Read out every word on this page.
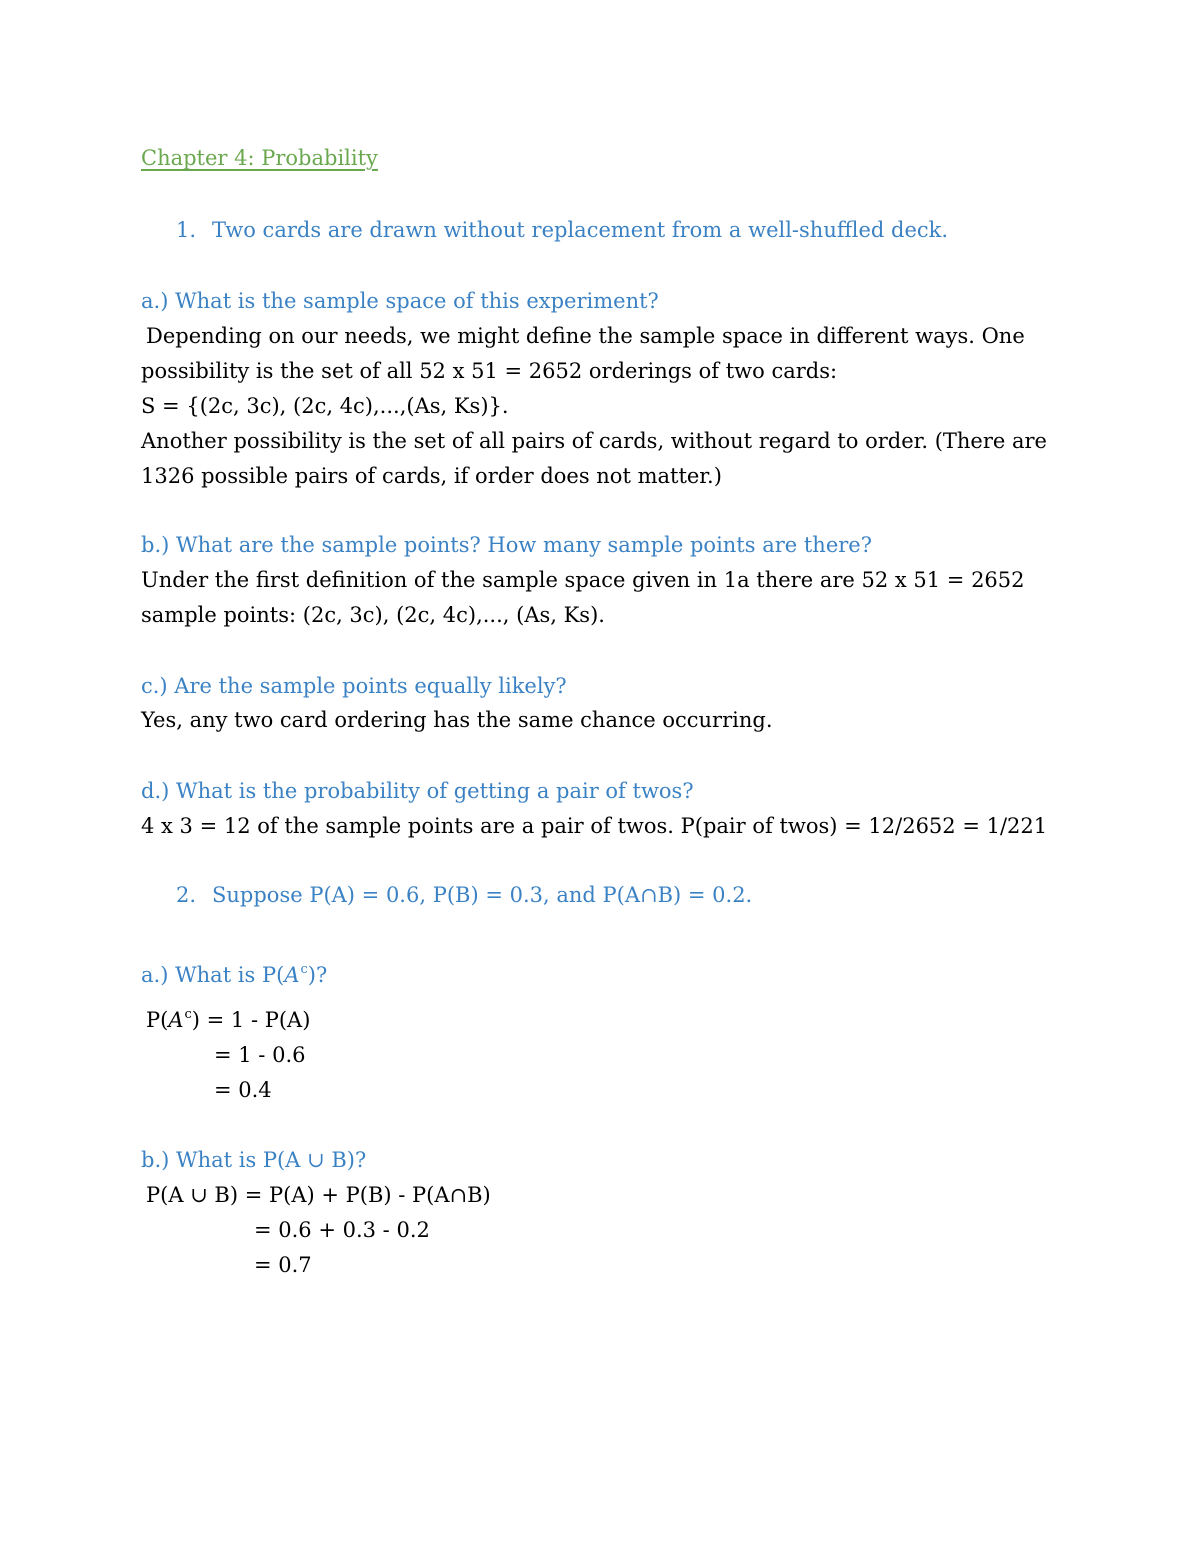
Chapter 4: Probability
1. Two cards are drawn without replacement from a well-shuffled deck.
a.) What is the sample space of this experiment?
Depending on our needs, we might define the sample space in different ways. One
possibility is the set of all 52 x 51 = 2652 orderings of two cards:
S = {(2c, 3c), (2c, 4c),...,(As, Ks)}.
Another possibility is the set of all pairs of cards, without regard to order. (There are
1326 possible pairs of cards, if order does not matter.)
b.) What are the sample points? How many sample points are there?
Under the first definition of the sample space given in 1a there are 52 x 51 = 2652
sample points: (2c, 3c), (2c, 4c),..., (As, Ks).
c.) Are the sample points equally likely?
Yes, any two card ordering has the same chance occurring.
d.) What is the probability of getting a pair of twos?
4 x 3 = 12 of the sample points are a pair of twos. P(pair of twos) = 12/2652 = 1/221
2. Suppose P(A) = 0.6, P(B) = 0.3, and P(A∩B) = 0.2.
a.) What is $P(A^c)$?
$P(A^c) = 1 - P(A)$
= 1 - 0.6
= 0.4
b.) What is P(A ∪ B)?
P(A ∪ B) = P(A) + P(B) - P(A∩B)
= 0.6 + 0.3 - 0.2
= 0.7
